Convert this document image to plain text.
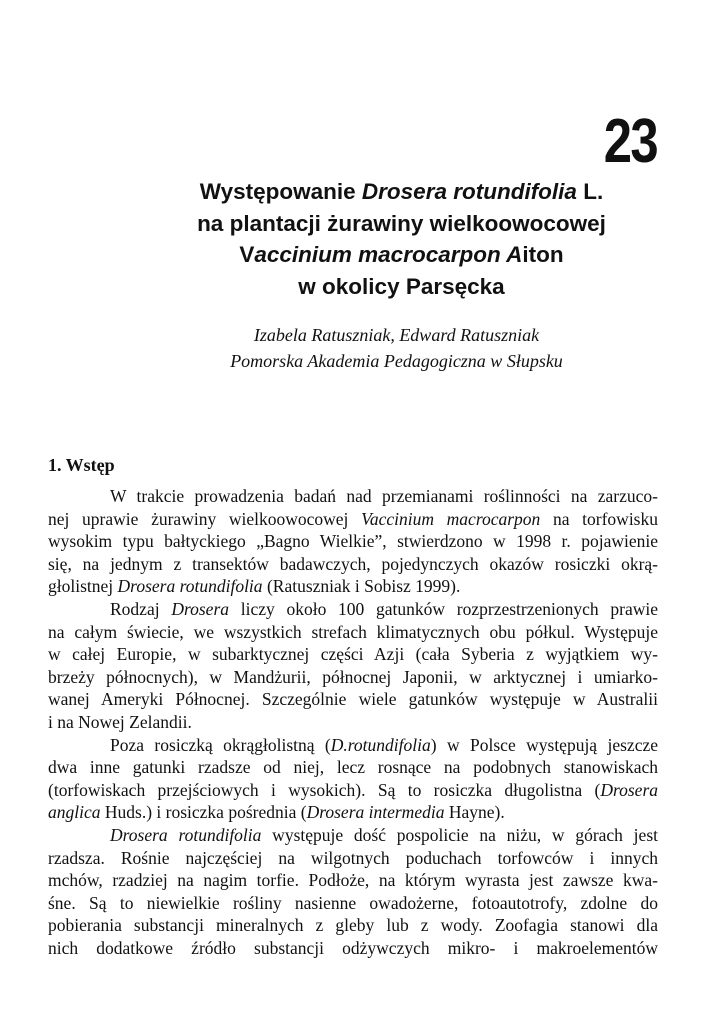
23
Występowanie Drosera rotundifolia L.
na plantacji żurawiny wielkoowocowej
Vaccinium macrocarpon Aiton
w okolicy Parsęcka
Izabela Ratuszniak, Edward Ratuszniak
Pomorska Akademia Pedagogiczna w Słupsku
1. Wstęp
W trakcie prowadzenia badań nad przemianami roślinności na zarzuco-
nej uprawie żurawiny wielkoowocowej Vaccinium macrocarpon na torfowisku
wysokim typu bałtyckiego „Bagno Wielkie”, stwierdzono w 1998 r. pojawienie
się, na jednym z transektów badawczych, pojedynczych okazów rosiczki okrą-
głolistnej Drosera rotundifolia (Ratuszniak i Sobisz 1999).
Rodzaj Drosera liczy około 100 gatunków rozprzestrzenionych prawie
na całym świecie, we wszystkich strefach klimatycznych obu półkul. Występuje
w całej Europie, w subarktycznej części Azji (cała Syberia z wyjątkiem wy-
brzeży północnych), w Mandżurii, północnej Japonii, w arktycznej i umiarko-
wanej Ameryki Północnej. Szczególnie wiele gatunków występuje w Australii
i na Nowej Zelandii.
Poza rosiczką okrągłolistną (D.rotundifolia) w Polsce występują jeszcze
dwa inne gatunki rzadsze od niej, lecz rosnące na podobnych stanowiskach
(torfowiskach przejściowych i wysokich). Są to rosiczka długolistna (Drosera
anglica Huds.) i rosiczka pośrednia (Drosera intermedia Hayne).
Drosera rotundifolia występuje dość pospolicie na niżu, w górach jest
rzadsza. Rośnie najczęściej na wilgotnych poduchach torfowców i innych
mchów, rzadziej na nagim torfie. Podłoże, na którym wyrasta jest zawsze kwa-
śne. Są to niewielkie rośliny nasienne owadożerne, fotoautotrofy, zdolne do
pobierania substancji mineralnych z gleby lub z wody. Zoofagia stanowi dla
nich dodatkowe źródło substancji odżywczych mikro- i makroelementów
